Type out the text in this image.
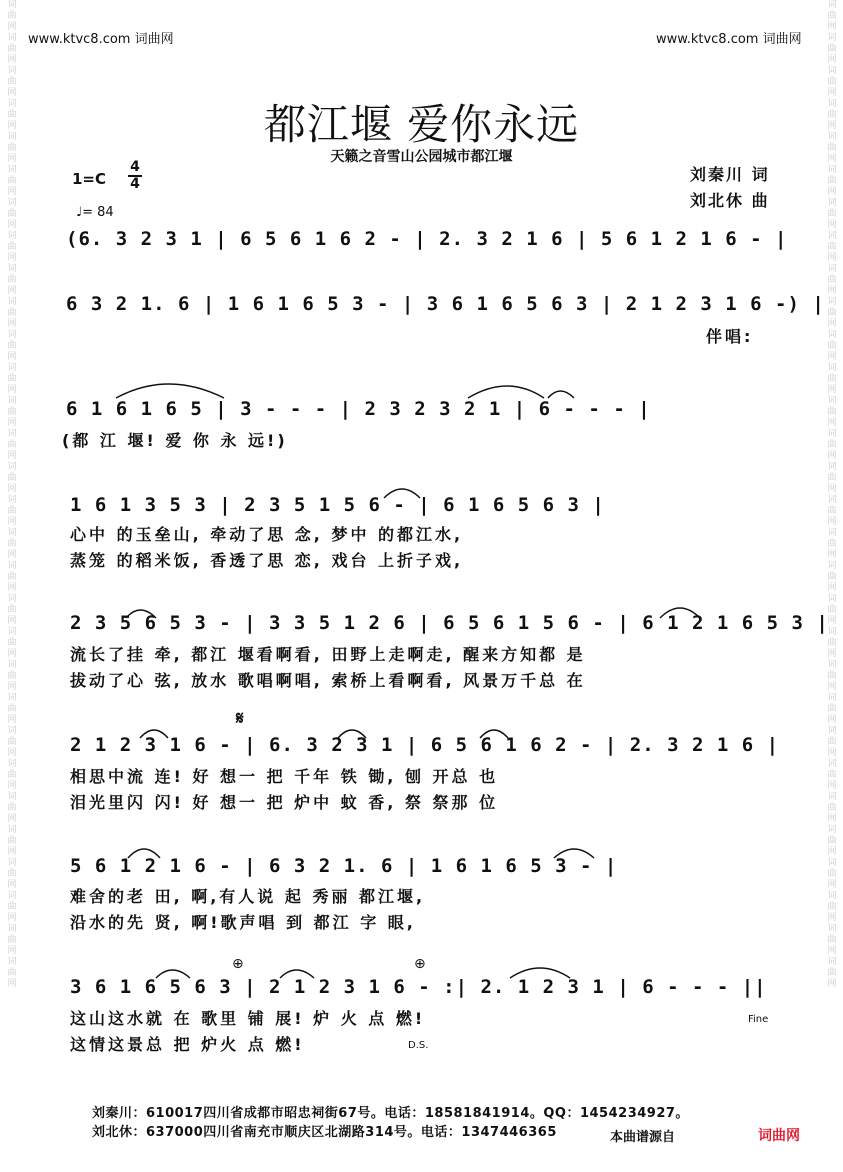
词曲网词曲网词曲网词曲网词曲网词曲网词曲网词曲网词曲网词曲网词曲网词曲网词曲网词曲网词曲网词曲网词曲网词曲网词曲网词曲网词曲网词曲网词曲网词曲网词曲网词曲网词曲网词曲网词曲网词曲网
词曲网词曲网词曲网词曲网词曲网词曲网词曲网词曲网词曲网词曲网词曲网词曲网词曲网词曲网词曲网词曲网词曲网词曲网词曲网词曲网词曲网词曲网词曲网词曲网词曲网词曲网词曲网词曲网词曲网词曲网
www.ktvc8.com 词曲网	www.ktvc8.com 词曲网
都江堰 爱你永远
天籁之音雪山公园城市都江堰
1=C
4
4
♩= 84
刘秦川 词
刘北休 曲
(6. 3 2 3 1 | 6 5 6 1 6 2 - | 2. 3 2 1 6 | 5 6 1 2 1 6 - |
6 3 2 1. 6 | 1 6 1 6 5 3 - | 3 6 1 6 5 6 3 | 2 1 2 3 1 6 -) |
伴唱:
6 1 6 1 6 5 | 3 - - - | 2 3 2 3 2 1 | 6 - - - |
(都 江 堰! 爱 你 永 远!)
1 6 1 3 5 3 | 2 3 5 1 5 6 - | 6 1 6 5 6 3 |
心中 的玉垒山, 牵动了思 念, 梦中 的都江水,
蒸笼 的稻米饭, 香透了思 恋, 戏台 上折子戏,
2 3 5 6 5 3 - | 3 3 5 1 2 6 | 6 5 6 1 5 6 - | 6 1 2 1 6 5 3 |
流长了挂 牵, 都江 堰看啊看, 田野上走啊走, 醒来方知都 是
拔动了心 弦, 放水 歌唱啊唱, 索桥上看啊看, 风景万千总 在
𝄋
2 1 2 3 1 6 - | 6. 3 2 3 1 | 6 5 6 1 6 2 - | 2. 3 2 1 6 |
相思中流 连! 好 想一 把 千年 铁 锄, 刨 开总 也
泪光里闪 闪! 好 想一 把 炉中 蚊 香, 祭 祭那 位
5 6 1 2 1 6 - | 6 3 2 1. 6 | 1 6 1 6 5 3 - |
难舍的老 田, 啊,有人说 起 秀丽 都江堰,
沿水的先 贤, 啊!歌声唱 到 都江 字 眼,
⊕	⊕
3 6 1 6 5 6 3 | 2 1 2 3 1 6 - :| 2. 1 2 3 1 | 6 - - - ||
这山这水就 在 歌里 铺 展! 炉 火 点 燃!
这情这景总 把 炉火 点 燃!
Fine
D.S.
刘秦川：610017四川省成都市昭忠祠街67号。电话：18581841914。QQ：1454234927。
刘北休：637000四川省南充市顺庆区北湖路314号。电话：1347446365	本曲谱源自	词曲网
